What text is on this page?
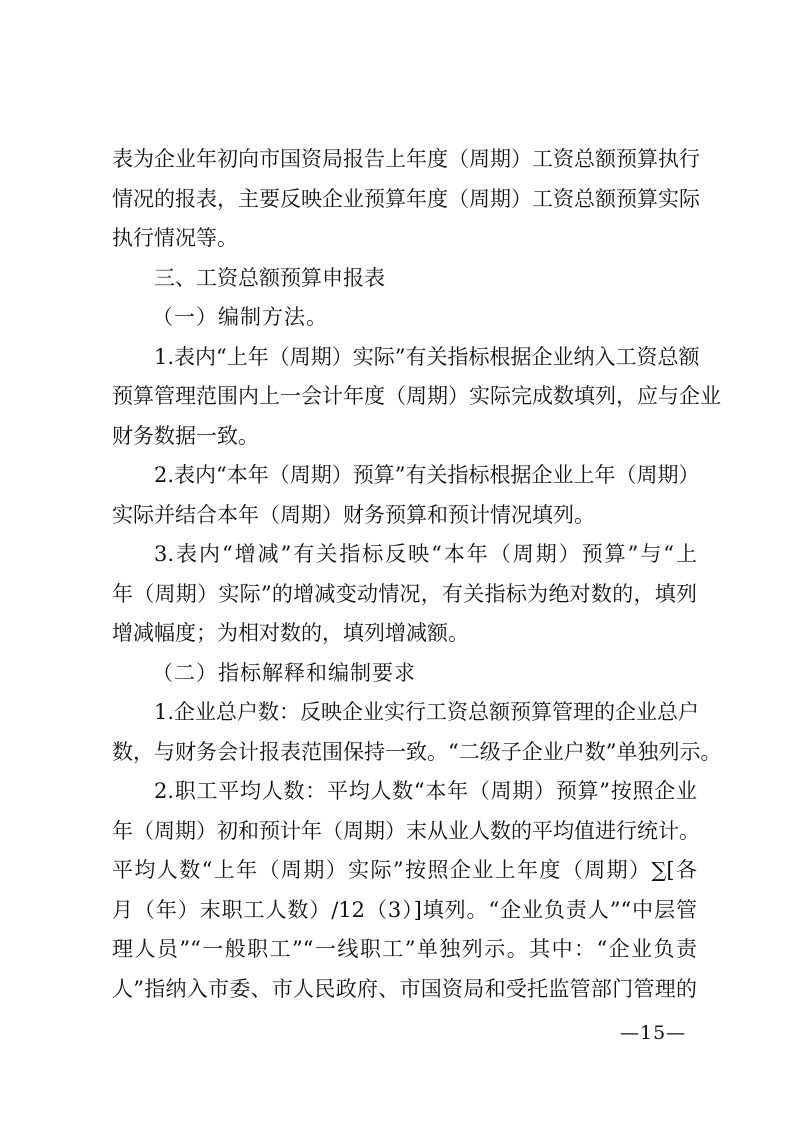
表为企业年初向市国资局报告上年度（周期）工资总额预算执行
情况的报表，主要反映企业预算年度（周期）工资总额预算实际
执行情况等。
三、工资总额预算申报表
（一）编制方法。
1.表内“上年（周期）实际”有关指标根据企业纳入工资总额
预算管理范围内上一会计年度（周期）实际完成数填列，应与企业
财务数据一致。
2.表内“本年（周期）预算”有关指标根据企业上年（周期）
实际并结合本年（周期）财务预算和预计情况填列。
3.表内“增减”有关指标反映“本年（周期）预算”与“上
年（周期）实际”的增减变动情况，有关指标为绝对数的，填列
增减幅度；为相对数的，填列增减额。
（二）指标解释和编制要求
1.企业总户数：反映企业实行工资总额预算管理的企业总户
数，与财务会计报表范围保持一致。“二级子企业户数”单独列示。
2.职工平均人数：平均人数“本年（周期）预算”按照企业
年（周期）初和预计年（周期）末从业人数的平均值进行统计。
平均人数“上年（周期）实际”按照企业上年度（周期）∑[各
月（年）末职工人数）/12（3）]填列。“企业负责人”“中层管
理人员”“一般职工”“一线职工”单独列示。其中：“企业负责
人”指纳入市委、市人民政府、市国资局和受托监管部门管理的
—15—
